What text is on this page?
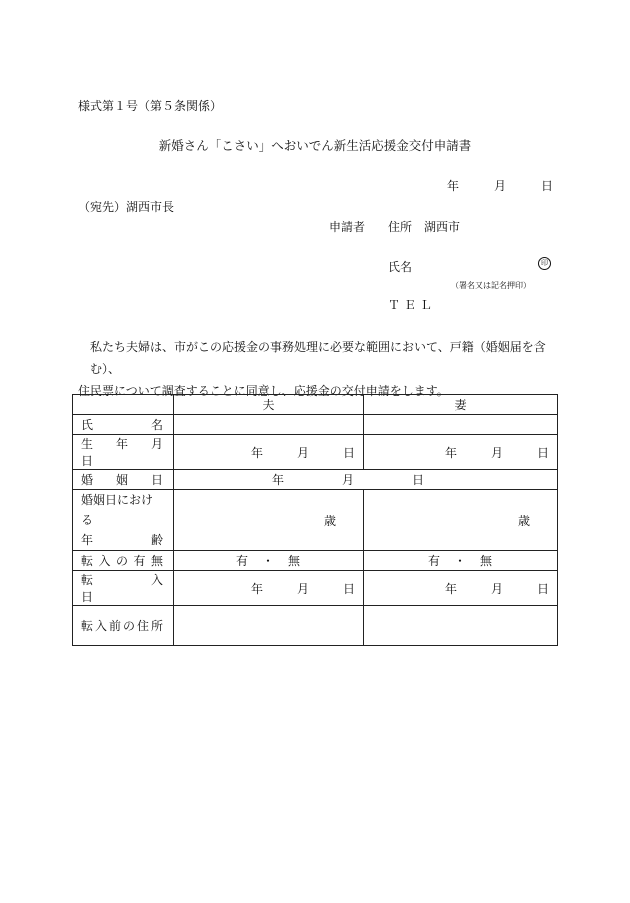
様式第１号（第５条関係）
新婚さん「こさい」へおいでん新生活応援金交付申請書
年	月	日
（宛先）湖西市長
申請者 住所 湖西市
氏名	印
（署名又は記名押印）
ＴＥＬ
私たち夫婦は、市がこの応援金の事務処理に必要な範囲において、戸籍（婚姻届を含む）、
住民票について調査することに同意し、応援金の交付申請をします。
	夫	妻
氏　　　　名		
生　年　月　日	年 月 日	年 月 日

婚　姻　日	年 月 日	

婚姻日における
年 齢	歳	歳
転入の有無	有　・　無	有　・　無
転　　入　　日	年 月 日	年 月 日

転入前の住所		
